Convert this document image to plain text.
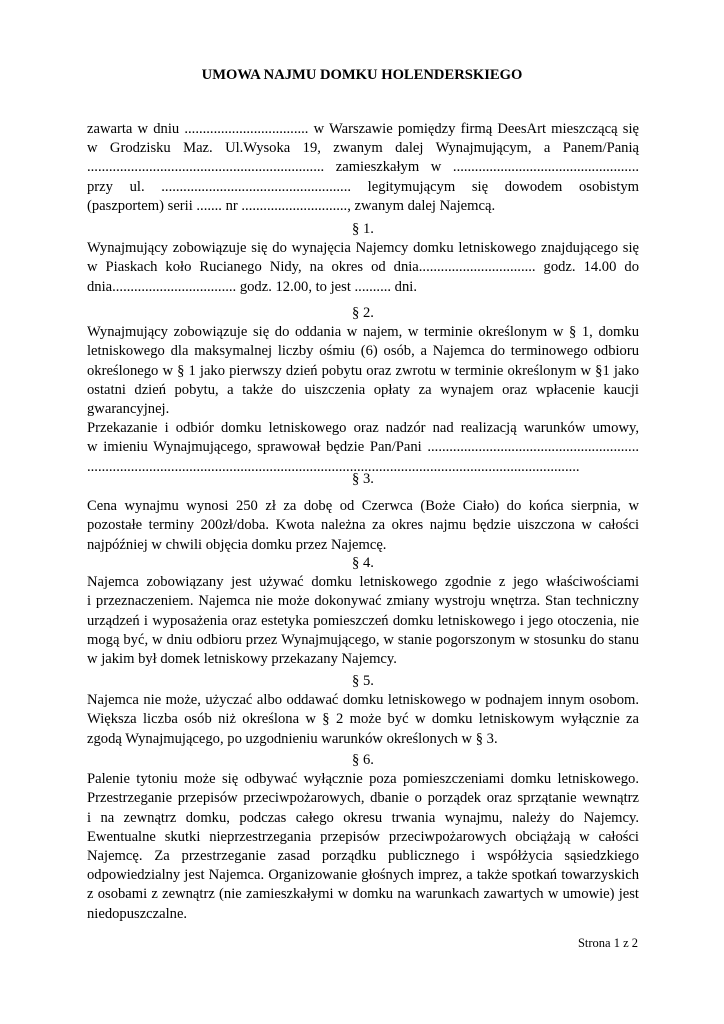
UMOWA NAJMU DOMKU HOLENDERSKIEGO
zawarta w dniu .................................. w Warszawie pomiędzy firmą DeesArt mieszczącą się
w Grodzisku Maz. Ul.Wysoka 19, zwanym dalej Wynajmującym, a Panem/Panią
................................................................. zamieszkałym w ...................................................
przy ul. .................................................... legitymującym się dowodem osobistym
(paszportem) serii ....... nr ............................., zwanym dalej Najemcą.
§ 1.
Wynajmujący zobowiązuje się do wynajęcia Najemcy domku letniskowego znajdującego się
w Piaskach koło Rucianego Nidy, na okres od dnia................................ godz. 14.00 do
dnia.................................. godz. 12.00, to jest .......... dni.
§ 2.
Wynajmujący zobowiązuje się do oddania w najem, w terminie określonym w § 1, domku
letniskowego dla maksymalnej liczby ośmiu (6) osób, a Najemca do terminowego odbioru
określonego w § 1 jako pierwszy dzień pobytu oraz zwrotu w terminie określonym w §1 jako
ostatni dzień pobytu, a także do uiszczenia opłaty za wynajem oraz wpłacenie kaucji
gwarancyjnej.
Przekazanie i odbiór domku letniskowego oraz nadzór nad realizacją warunków umowy,
w imieniu Wynajmującego, sprawował będzie Pan/Pani ..........................................................
.......................................................................................................................................
§ 3.
Cena wynajmu wynosi 250 zł za dobę od Czerwca (Boże Ciało) do końca sierpnia, w
pozostałe terminy 200zł/doba. Kwota należna za okres najmu będzie uiszczona w całości
najpóźniej w chwili objęcia domku przez Najemcę.
§ 4.
Najemca zobowiązany jest używać domku letniskowego zgodnie z jego właściwościami
i przeznaczeniem. Najemca nie może dokonywać zmiany wystroju wnętrza. Stan techniczny
urządzeń i wyposażenia oraz estetyka pomieszczeń domku letniskowego i jego otoczenia, nie
mogą być, w dniu odbioru przez Wynajmującego, w stanie pogorszonym w stosunku do stanu
w jakim był domek letniskowy przekazany Najemcy.
§ 5.
Najemca nie może, użyczać albo oddawać domku letniskowego w podnajem innym osobom.
Większa liczba osób niż określona w § 2 może być w domku letniskowym wyłącznie za
zgodą Wynajmującego, po uzgodnieniu warunków określonych w § 3.
§ 6.
Palenie tytoniu może się odbywać wyłącznie poza pomieszczeniami domku letniskowego.
Przestrzeganie przepisów przeciwpożarowych, dbanie o porządek oraz sprzątanie wewnątrz
i na zewnątrz domku, podczas całego okresu trwania wynajmu, należy do Najemcy.
Ewentualne skutki nieprzestrzegania przepisów przeciwpożarowych obciążają w całości
Najemcę. Za przestrzeganie zasad porządku publicznego i współżycia sąsiedzkiego
odpowiedzialny jest Najemca. Organizowanie głośnych imprez, a także spotkań towarzyskich
z osobami z zewnątrz (nie zamieszkałymi w domku na warunkach zawartych w umowie) jest
niedopuszczalne.
Strona 1 z 2
